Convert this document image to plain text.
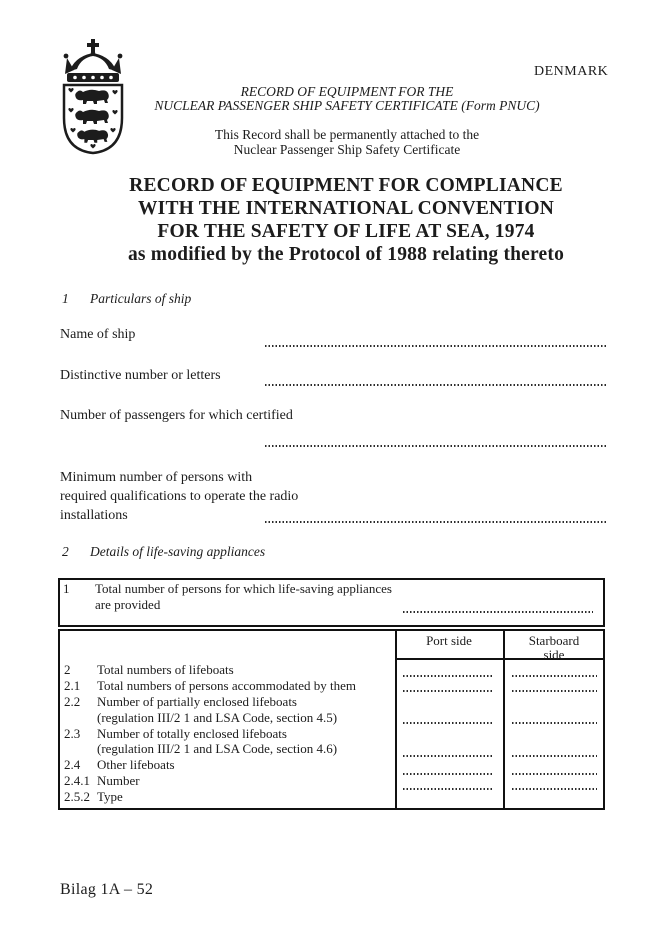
DENMARK
RECORD OF EQUIPMENT FOR THE
NUCLEAR PASSENGER SHIP SAFETY CERTIFICATE (Form PNUC)
This Record shall be permanently attached to the
Nuclear Passenger Ship Safety Certificate
RECORD OF EQUIPMENT FOR COMPLIANCE
WITH THE INTERNATIONAL CONVENTION
FOR THE SAFETY OF LIFE AT SEA, 1974
as modified by the Protocol of 1988 relating thereto
1 Particulars of ship
Name of ship
Distinctive number or letters
Number of passengers for which certified
Minimum number of persons with required qualifications to operate the radio installations
2 Details of life-saving appliances
1 Total number of persons for which life-saving appliances are provided
Port side	Starboard side
2	Total numbers of lifeboats
2.1	Total numbers of persons accommodated by them
2.2	Number of partially enclosed lifeboats
(regulation III/2 1 and LSA Code, section 4.5)
2.3	Number of totally enclosed lifeboats
(regulation III/2 1 and LSA Code, section 4.6)
2.4	Other lifeboats
2.4.1 Number
2.5.2 Type
Bilag 1A – 52
